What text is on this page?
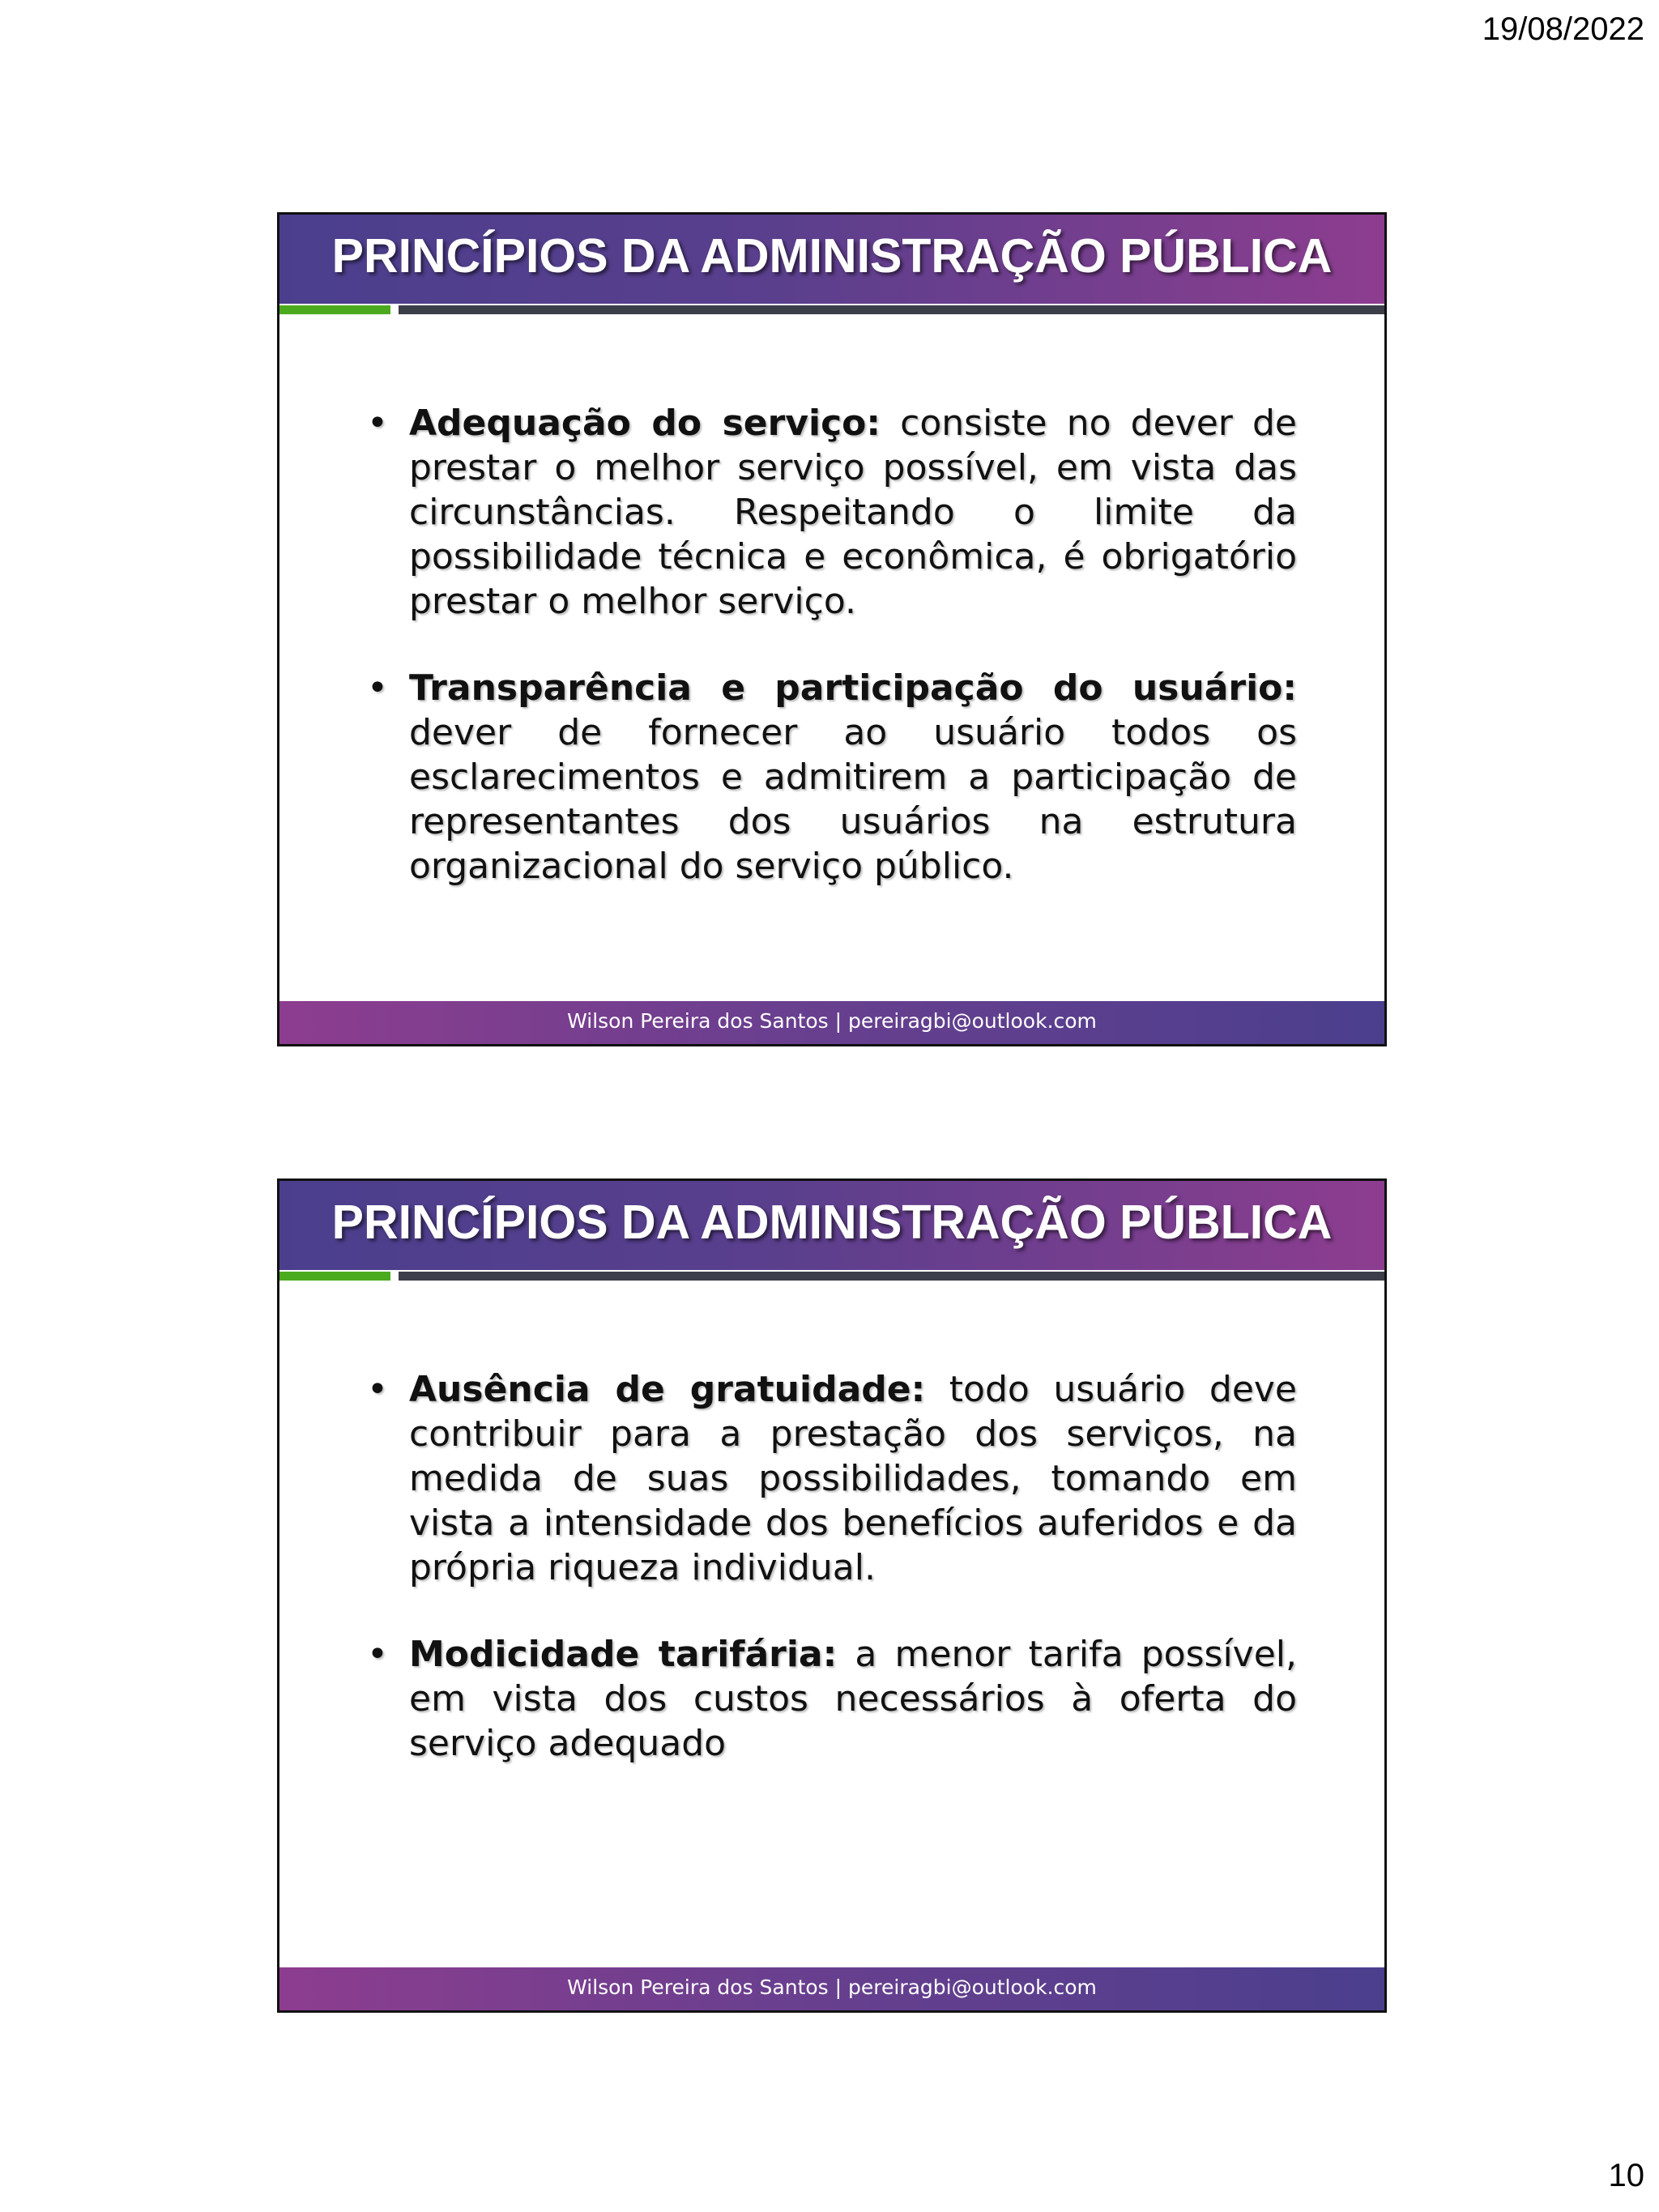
19/08/2022
PRINCÍPIOS DA ADMINISTRAÇÃO PÚBLICA
• Adequação do serviço: consiste no dever de prestar o melhor serviço possível, em vista das circunstâncias. Respeitando o limite da possibilidade técnica e econômica, é obrigatório prestar o melhor serviço.
• Transparência e participação do usuário: dever de fornecer ao usuário todos os esclarecimentos e admitirem a participação de representantes dos usuários na estrutura organizacional do serviço público.
Wilson Pereira dos Santos | pereiragbi@outlook.com
PRINCÍPIOS DA ADMINISTRAÇÃO PÚBLICA
• Ausência de gratuidade: todo usuário deve contribuir para a prestação dos serviços, na medida de suas possibilidades, tomando em vista a intensidade dos benefícios auferidos e da própria riqueza individual.
• Modicidade tarifária: a menor tarifa possível, em vista dos custos necessários à oferta do serviço adequado
Wilson Pereira dos Santos | pereiragbi@outlook.com
10
